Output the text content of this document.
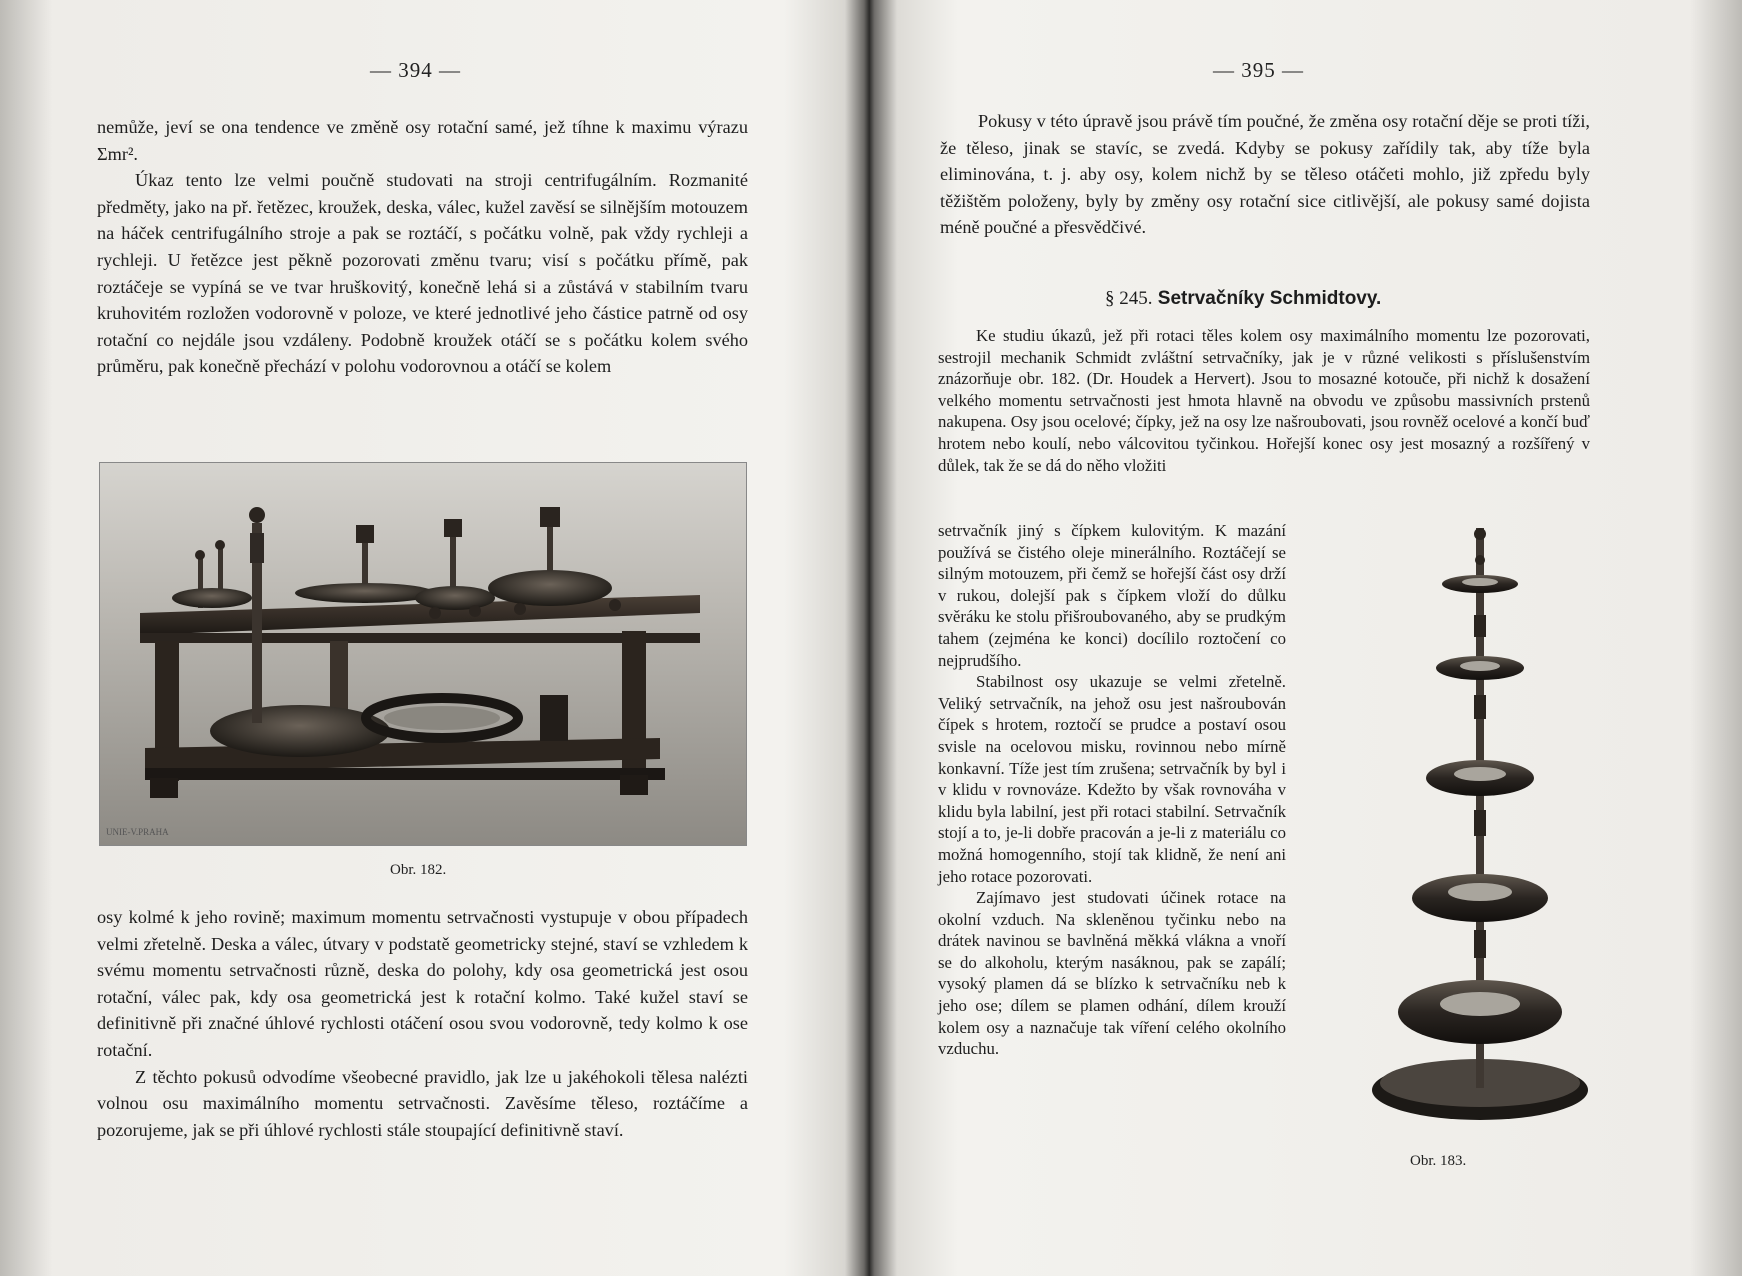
— 394 —

nemůže, jeví se ona tendence ve změně osy rotační samé, jež tíhne k maximu výrazu Σmr².

Úkaz tento lze velmi poučně studovati na stroji centrifugálním. Rozmanité předměty, jako na př. řetězec, kroužek, deska, válec, kužel zavěsí se silnějším motouzem na háček centrifugálního stroje a pak se roztáčí, s počátku volně, pak vždy rychleji a rychleji. U řetězce jest pěkně pozorovati změnu tvaru; visí s počátku přímě, pak roztáčeje se vypíná se ve tvar hruškovitý, konečně lehá si a zůstává v stabilním tvaru kruhovitém rozložen vodorovně v poloze, ve které jednotlivé jeho částice patrně od osy rotační co nejdále jsou vzdáleny. Podobně kroužek otáčí se s počátku kolem svého průměru, pak konečně přechází v polohu vodorovnou a otáčí se kolem

UNIE-V.PRAHA
Obr. 182.

osy kolmé k jeho rovině; maximum momentu setrvačnosti vystupuje v obou případech velmi zřetelně. Deska a válec, útvary v podstatě geometricky stejné, staví se vzhledem k svému momentu setrvačnosti různě, deska do polohy, kdy osa geometrická jest osou rotační, válec pak, kdy osa geometrická jest k rotační kolmo. Také kužel staví se definitivně při značné úhlové rychlosti otáčení osou svou vodorovně, tedy kolmo k ose rotační.

Z těchto pokusů odvodíme všeobecné pravidlo, jak lze u jakéhokoli tělesa nalézti volnou osu maximálního momentu setrvačnosti. Zavěsíme těleso, roztáčíme a pozorujeme, jak se při úhlové rychlosti stále stoupající definitivně staví.

— 395 —

Pokusy v této úpravě jsou právě tím poučné, že změna osy rotační děje se proti tíži, že těleso, jinak se stavíc, se zvedá. Kdyby se pokusy zařídily tak, aby tíže byla eliminována, t. j. aby osy, kolem nichž by se těleso otáčeti mohlo, již zpředu byly těžištěm položeny, byly by změny osy rotační sice citlivější, ale pokusy samé dojista méně poučné a přesvědčivé.

§ 245. Setrvačníky Schmidtovy.

Ke studiu úkazů, jež při rotaci těles kolem osy maximálního momentu lze pozorovati, sestrojil mechanik Schmidt zvláštní setrvačníky, jak je v různé velikosti s příslušenstvím znázorňuje obr. 182. (Dr. Houdek a Hervert). Jsou to mosazné kotouče, při nichž k dosažení velkého momentu setrvačnosti jest hmota hlavně na obvodu ve způsobu massivních prstenů nakupena. Osy jsou ocelové; čípky, jež na osy lze našroubovati, jsou rovněž ocelové a končí buď hrotem nebo koulí, nebo válcovitou tyčinkou. Hořejší konec osy jest mosazný a rozšířený v důlek, tak že se dá do něho vložiti

setrvačník jiný s čípkem kulovitým. K mazání používá se čistého oleje minerálního. Roztáčejí se silným motouzem, při čemž se hořejší část osy drží v rukou, dolejší pak s čípkem vloží do důlku svěráku ke stolu přišroubovaného, aby se prudkým tahem (zejména ke konci) docílilo roztočení co nejprudšího.

Stabilnost osy ukazuje se velmi zřetelně. Veliký setrvačník, na jehož osu jest našroubován čípek s hrotem, roztočí se prudce a postaví osou svisle na ocelovou misku, rovinnou nebo mírně konkavní. Tíže jest tím zrušena; setrvačník by byl i v klidu v rovnováze. Kdežto by však rovnováha v klidu byla labilní, jest při rotaci stabilní. Setrvačník stojí a to, je-li dobře pracován a je-li z materiálu co možná homogenního, stojí tak klidně, že není ani jeho rotace pozorovati.

Zajímavo jest studovati účinek rotace na okolní vzduch. Na skleněnou tyčinku nebo na drátek navinou se bavlněná měkká vlákna a vnoří se do alkoholu, kterým nasáknou, pak se zapálí; vysoký plamen dá se blízko k setrvačníku neb k jeho ose; dílem se plamen odhání, dílem krouží kolem osy a naznačuje tak víření celého okolního vzduchu.

Obr. 183.
